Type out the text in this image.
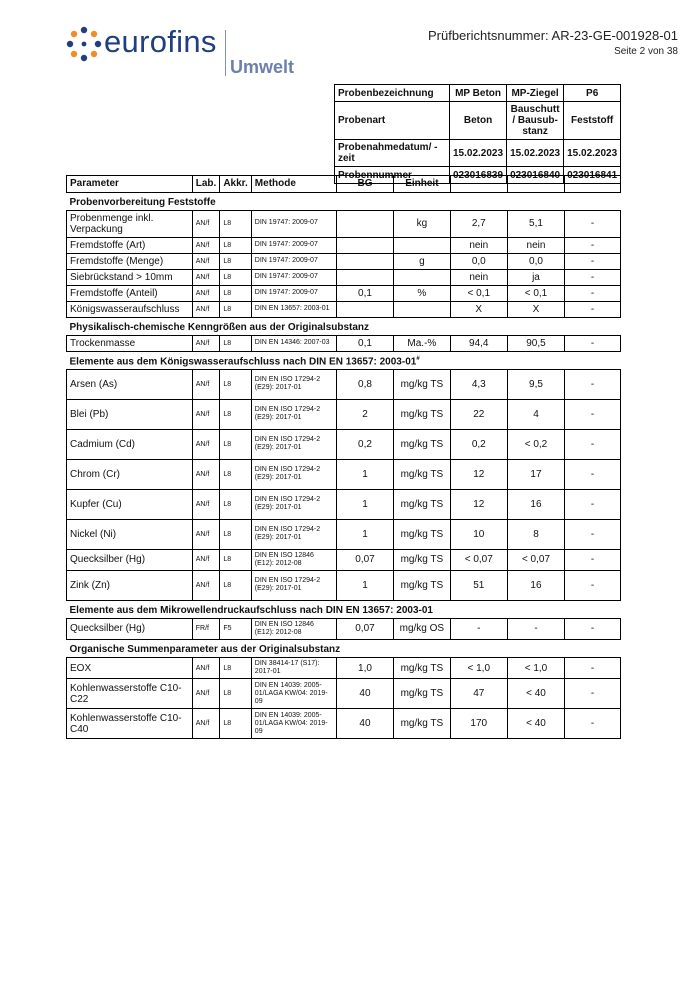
eurofins
Umwelt
Prüfberichtsnummer: AR-23-GE-001928-01
Seite 2 von 38
Probenbezeichnung	MP Beton	MP-Ziegel	P6
Probenart	Beton	Bauschutt / Bausub-stanz	Feststoff
Probenahmedatum/ -zeit	15.02.2023	15.02.2023	15.02.2023
Probennummer	023016839	023016840	023016841
Parameter	Lab.	Akkr.	Methode	BG	Einheit			
Probenvorbereitung Feststoffe								
Probenmenge inkl. Verpackung	AN/f	L8	DIN 19747: 2009-07		kg	2,7	5,1	-
Fremdstoffe (Art)	AN/f	L8	DIN 19747: 2009-07			nein	nein	-
Fremdstoffe (Menge)	AN/f	L8	DIN 19747: 2009-07		g	0,0	0,0	-
Siebrückstand > 10mm	AN/f	L8	DIN 19747: 2009-07			nein	ja	-
Fremdstoffe (Anteil)	AN/f	L8	DIN 19747: 2009-07	0,1	%	< 0,1	< 0,1	-
Königswasseraufschluss	AN/f	L8	DIN EN 13657: 2003-01			X	X	-
Physikalisch-chemische Kenngrößen aus der Originalsubstanz								
Trockenmasse	AN/f	L8	DIN EN 14346: 2007-03	0,1	Ma.-%	94,4	90,5	-
Elemente aus dem Königswasseraufschluss nach DIN EN 13657: 2003-01#
Arsen (As)	AN/f	L8	DIN EN ISO 17294-2 (E29): 2017-01	0,8	mg/kg TS	4,3	9,5	-
Blei (Pb)	AN/f	L8	DIN EN ISO 17294-2 (E29): 2017-01	2	mg/kg TS	22	4	-
Cadmium (Cd)	AN/f	L8	DIN EN ISO 17294-2 (E29): 2017-01	0,2	mg/kg TS	0,2	< 0,2	-
Chrom (Cr)	AN/f	L8	DIN EN ISO 17294-2 (E29): 2017-01	1	mg/kg TS	12	17	-
Kupfer (Cu)	AN/f	L8	DIN EN ISO 17294-2 (E29): 2017-01	1	mg/kg TS	12	16	-
Nickel (Ni)	AN/f	L8	DIN EN ISO 17294-2 (E29): 2017-01	1	mg/kg TS	10	8	-
Quecksilber (Hg)	AN/f	L8	DIN EN ISO 12846 (E12): 2012-08	0,07	mg/kg TS	< 0,07	< 0,07	-
Zink (Zn)	AN/f	L8	DIN EN ISO 17294-2 (E29): 2017-01	1	mg/kg TS	51	16	-
Elemente aus dem Mikrowellendruckaufschluss nach DIN EN 13657: 2003-01								
Quecksilber (Hg)	FR/f	F5	DIN EN ISO 12846 (E12): 2012-08	0,07	mg/kg OS	-	-	-
Organische Summenparameter aus der Originalsubstanz								
EOX	AN/f	L8	DIN 38414-17 (S17): 2017-01	1,0	mg/kg TS	< 1,0	< 1,0	-
Kohlenwasserstoffe C10-C22	AN/f	L8	DIN EN 14039: 2005-01/LAGA KW/04: 2019-09	40	mg/kg TS	47	< 40	-
Kohlenwasserstoffe C10-C40	AN/f	L8	DIN EN 14039: 2005-01/LAGA KW/04: 2019-09	40	mg/kg TS	170	< 40	-
